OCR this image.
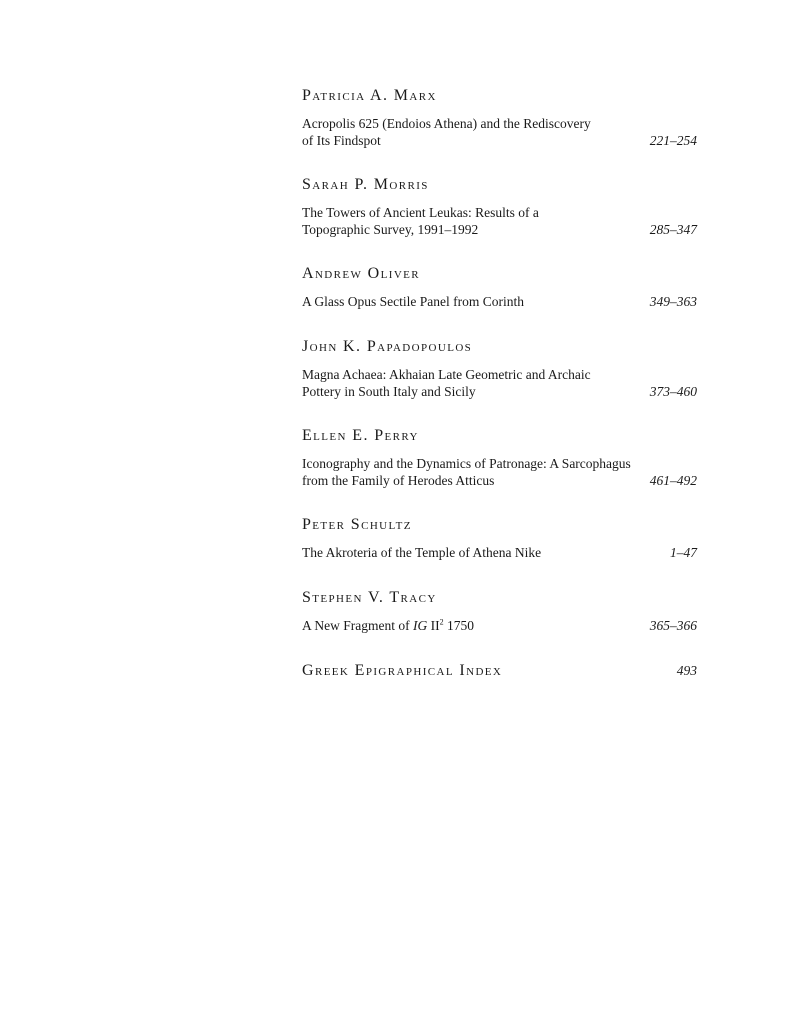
Patricia A. Marx
Acropolis 625 (Endoios Athena) and the Rediscovery
of Its Findspot	221–254
Sarah P. Morris
The Towers of Ancient Leukas: Results of a
Topographic Survey, 1991–1992	285–347
Andrew Oliver
A Glass Opus Sectile Panel from Corinth	349–363
John K. Papadopoulos
Magna Achaea: Akhaian Late Geometric and Archaic
Pottery in South Italy and Sicily	373–460
Ellen E. Perry
Iconography and the Dynamics of Patronage: A Sarcophagus
from the Family of Herodes Atticus	461–492
Peter Schultz
The Akroteria of the Temple of Athena Nike	1–47
Stephen V. Tracy
A New Fragment of IG $II^2$ 1750	365–366
Greek Epigraphical Index	493
